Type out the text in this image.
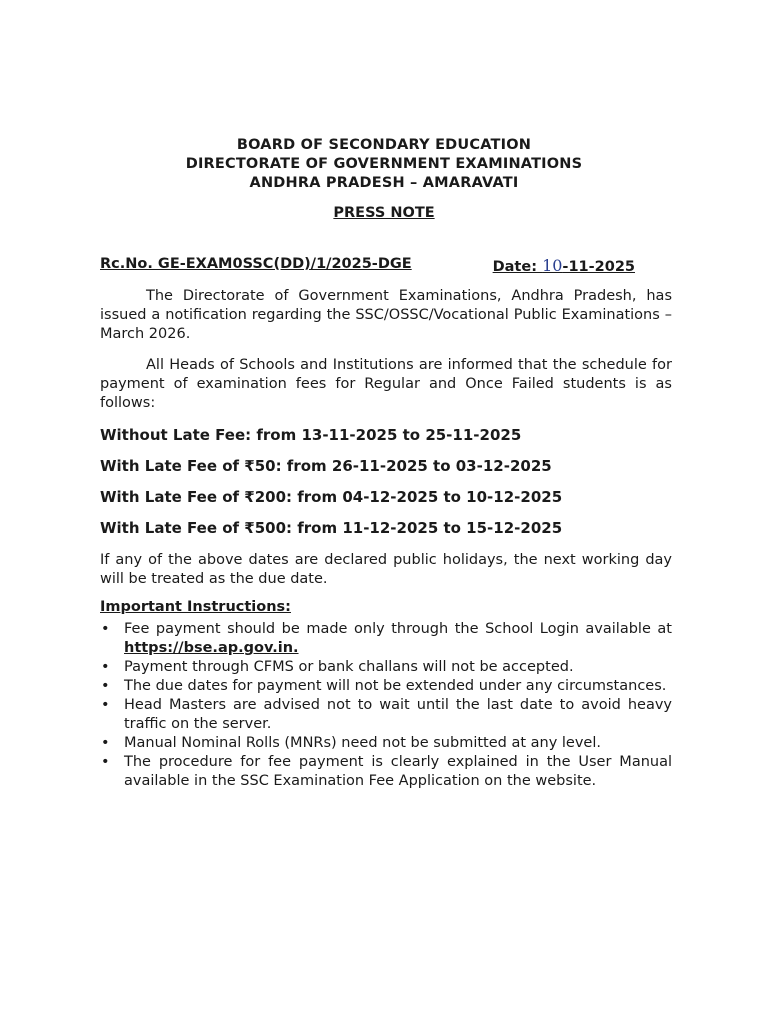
BOARD OF SECONDARY EDUCATION
DIRECTORATE OF GOVERNMENT EXAMINATIONS
ANDHRA PRADESH – AMARAVATI
PRESS NOTE
Rc.No. GE-EXAM0SSC(DD)/1/2025-DGE	Date: 10-11-2025
The Directorate of Government Examinations, Andhra Pradesh, has issued a notification regarding the SSC/OSSC/Vocational Public Examinations – March 2026.
All Heads of Schools and Institutions are informed that the schedule for payment of examination fees for Regular and Once Failed students is as follows:
Without Late Fee: from 13-11-2025 to 25-11-2025
With Late Fee of ₹50: from 26-11-2025 to 03-12-2025
With Late Fee of ₹200: from 04-12-2025 to 10-12-2025
With Late Fee of ₹500: from 11-12-2025 to 15-12-2025
If any of the above dates are declared public holidays, the next working day will be treated as the due date.
Important Instructions:
• Fee payment should be made only through the School Login available at https://bse.ap.gov.in.
• Payment through CFMS or bank challans will not be accepted.
• The due dates for payment will not be extended under any circumstances.
• Head Masters are advised not to wait until the last date to avoid heavy traffic on the server.
• Manual Nominal Rolls (MNRs) need not be submitted at any level.
• The procedure for fee payment is clearly explained in the User Manual available in the SSC Examination Fee Application on the website.
